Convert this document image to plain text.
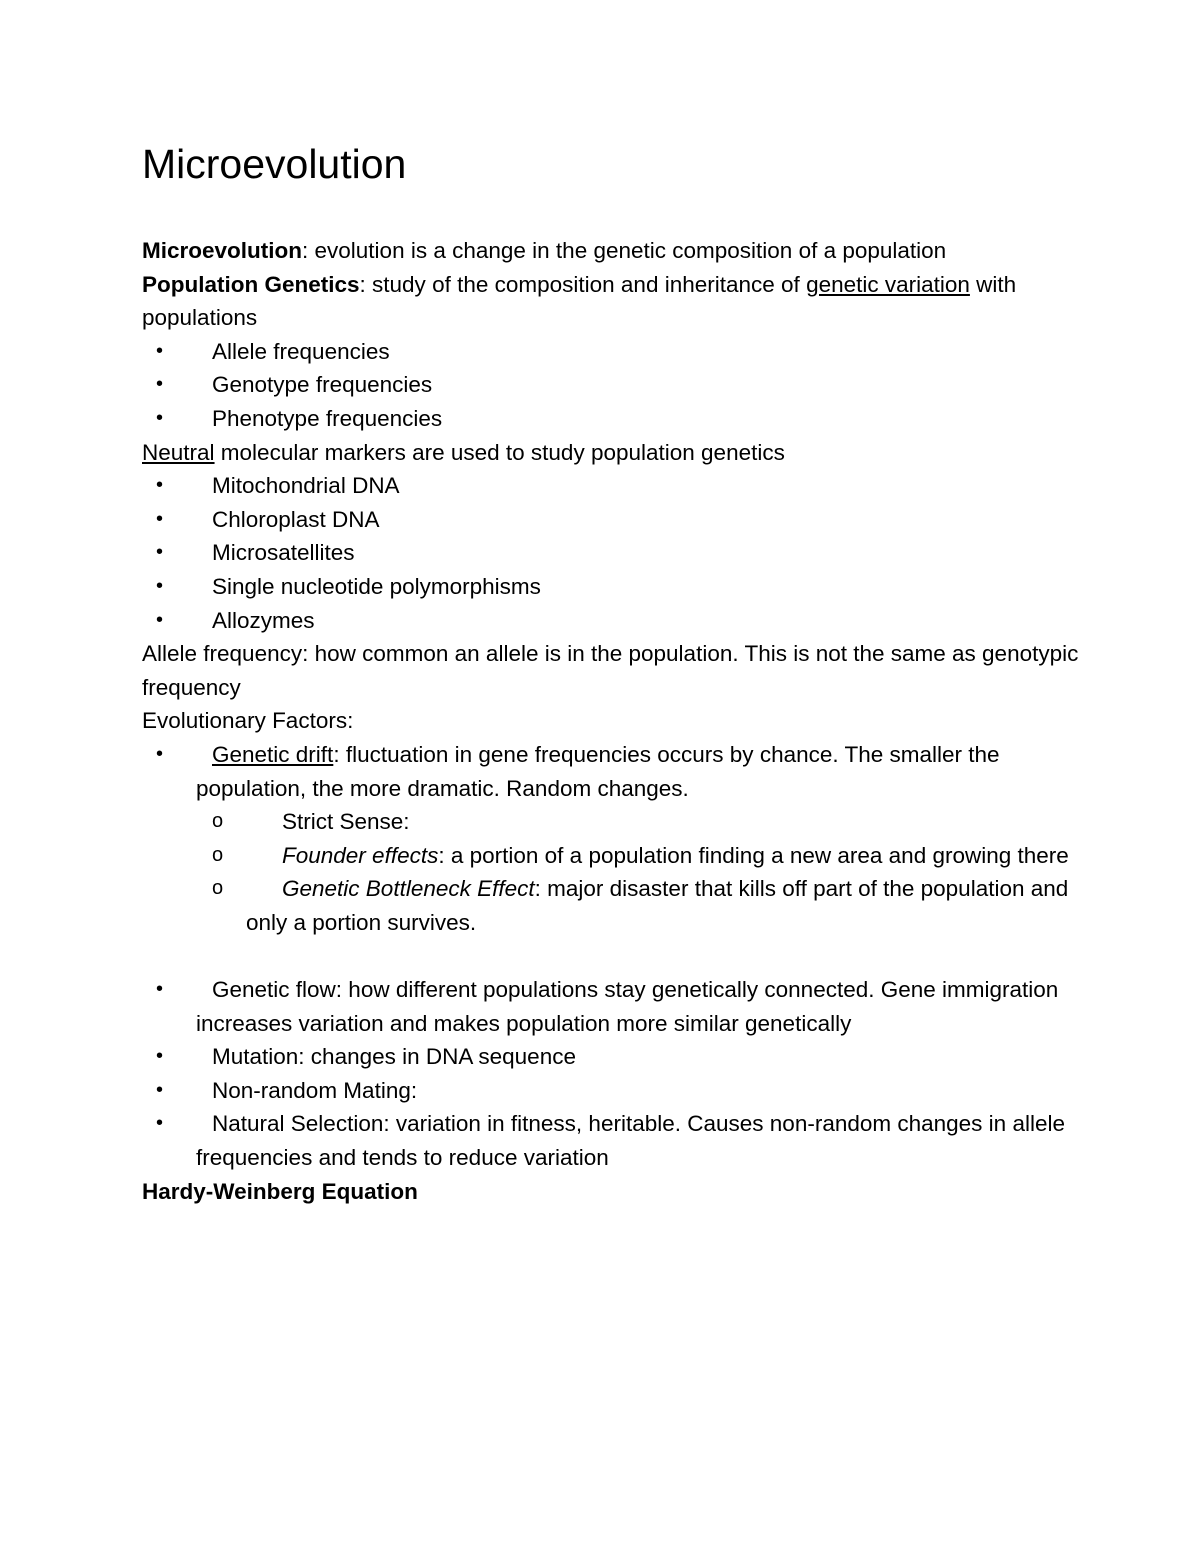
Microevolution

Microevolution: evolution is a change in the genetic composition of a population

Population Genetics: study of the composition and inheritance of genetic variation with populations

• Allele frequencies

• Genotype frequencies

• Phenotype frequencies

Neutral molecular markers are used to study population genetics

• Mitochondrial DNA

• Chloroplast DNA

• Microsatellites

• Single nucleotide polymorphisms

• Allozymes

Allele frequency: how common an allele is in the population. This is not the same as genotypic frequency

Evolutionary Factors:

• Genetic drift: fluctuation in gene frequencies occurs by chance. The smaller the population, the more dramatic. Random changes.

o	Strict Sense:

o	Founder effects: a portion of a population finding a new area and growing there

o	Genetic Bottleneck Effect: major disaster that kills off part of the population and only a portion survives.

• Genetic flow: how different populations stay genetically connected. Gene immigration increases variation and makes population more similar genetically

• Mutation: changes in DNA sequence

• Non-random Mating:

• Natural Selection: variation in fitness, heritable. Causes non-random changes in allele frequencies and tends to reduce variation

Hardy-Weinberg Equation
